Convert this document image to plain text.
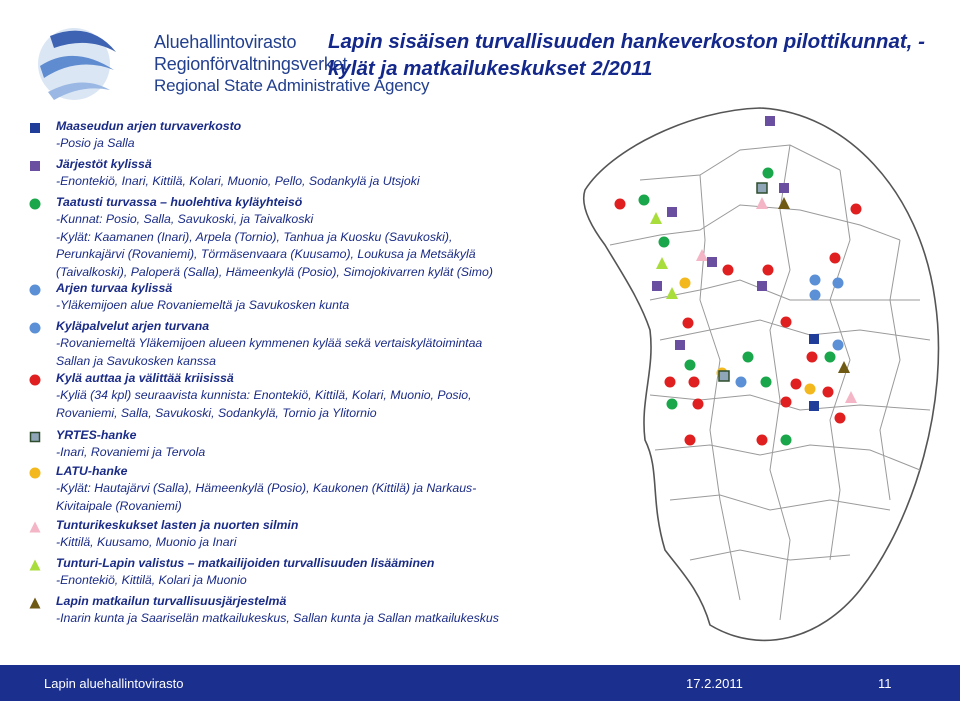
Aluehallintovirasto
Regionförvaltningsverket
Regional State Administrative Agency
Lapin sisäisen turvallisuuden hankeverkoston pilottikunnat, - kylät ja matkailukeskukset 2/2011
Maaseudun arjen turvaverkosto
-Posio ja Salla
Järjestöt kylissä
-Enontekiö, Inari, Kittilä, Kolari, Muonio, Pello, Sodankylä ja Utsjoki
Taatusti turvassa – huolehtiva kyläyhteisö
-Kunnat: Posio, Salla, Savukoski, ja Taivalkoski
-Kylät: Kaamanen (Inari), Arpela (Tornio), Tanhua ja Kuosku (Savukoski),
Perunkajärvi (Rovaniemi), Törmäsenvaara (Kuusamo), Loukusa ja Metsäkylä
(Taivalkoski), Paloperä (Salla), Hämeenkylä (Posio), Simojokivarren kylät (Simo)
Arjen turvaa kylissä
-Yläkemijoen alue Rovaniemeltä ja Savukosken kunta
Kyläpalvelut arjen turvana
-Rovaniemeltä Yläkemijoen alueen kymmenen kylää sekä vertaiskylätoimintaa
Sallan ja Savukosken kanssa
Kylä auttaa ja välittää kriisissä
-Kyliä (34 kpl) seuraavista kunnista: Enontekiö, Kittilä, Kolari, Muonio, Posio,
Rovaniemi, Salla, Savukoski, Sodankylä, Tornio ja Ylitornio
YRTES-hanke
-Inari, Rovaniemi ja Tervola
LATU-hanke
-Kylät: Hautajärvi (Salla), Hämeenkylä (Posio), Kaukonen (Kittilä) ja Narkaus-
Kivitaipale (Rovaniemi)
Tunturikeskukset lasten ja nuorten silmin
-Kittilä, Kuusamo, Muonio ja Inari
Tunturi-Lapin valistus – matkailijoiden turvallisuuden lisääminen
-Enontekiö, Kittilä, Kolari ja Muonio
Lapin matkailun turvallisuusjärjestelmä
-Inarin kunta ja Saariselän matkailukeskus, Sallan kunta ja Sallan matkailukeskus
Lapin aluehallintovirasto	17.2.2011	11
